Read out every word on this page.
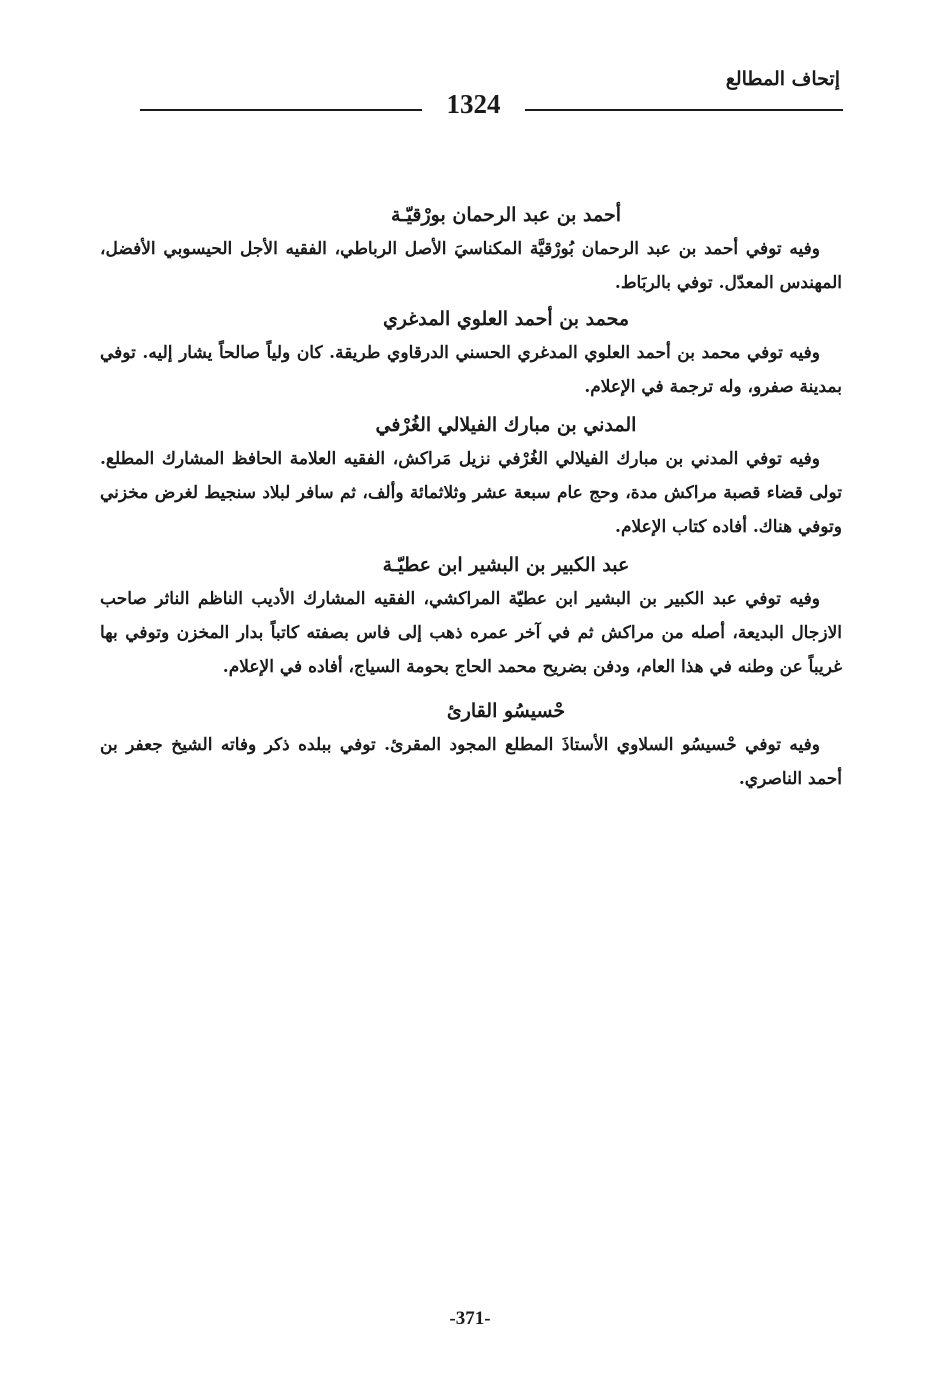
إتحاف المطالع
1324
أحمد بن عبد الرحمان بورْقيّـة

وفيه توفي أحمد بن عبد الرحمان بُورْقيَّة المكناسيَ الأصل الرباطي، الفقيه الأجل الحيسوبي الأفضل، المهندس المعدّل. توفي بالربَاط.

محمد بن أحمد العلوي المدغري

وفيه توفي محمد بن أحمد العلوي المدغري الحسني الدرقاوي طريقة. كان ولياً صالحاً يشار إليه. توفي بمدينة صفرو، وله ترجمة في الإعلام.

المدني بن مبارك الفيلالي الغُرْفي

وفيه توفي المدني بن مبارك الفيلالي الغُرْفي نزيل مَراكش، الفقيه العلامة الحافظ المشارك المطلع. تولى قضاء قصبة مراكش مدة، وحج عام سبعة عشر وثلاثمائة وألف، ثم سافر لبلاد سنجيط لغرض مخزني وتوفي هناك. أفاده كتاب الإعلام.

عبد الكبير بن البشير ابن عطيّـة

وفيه توفي عبد الكبير بن البشير ابن عطيّة المراكشي، الفقيه المشارك الأديب الناظم الناثر صاحب الازجال البديعة، أصله من مراكش ثم في آخر عمره ذهب إلى فاس بصفته كاتباً بدار المخزن وتوفي بها غريباً عن وطنه في هذا العام، ودفن بضريح محمد الحاج بحومة السياج، أفاده في الإعلام.

حْسيسُو القارئ

وفيه توفي حْسيسُو السلاوي الأستاذَ المطلع المجود المقرئ. توفي ببلده ذكر وفاته الشيخ جعفر بن أحمد الناصري.

-371-
